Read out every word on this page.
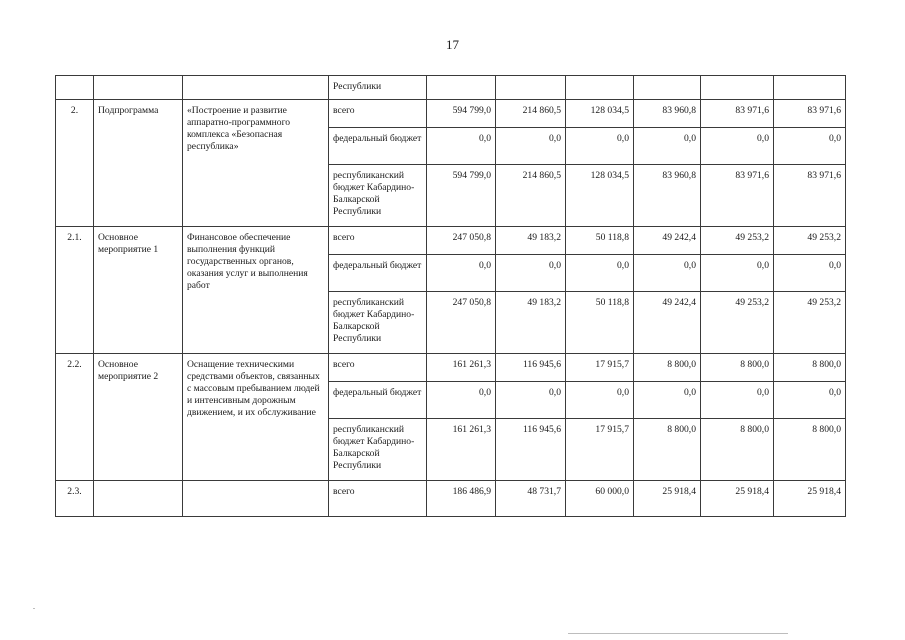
17
			Республики						
2.	Подпрограмма	«Построение и развитие аппаратно-программного комплекса «Безопасная республика»	всего	594 799,0	214 860,5	128 034,5	83 960,8	83 971,6	83 971,6
			федеральный бюджет	0,0	0,0	0,0	0,0	0,0	0,0
			республиканский бюджет Кабардино-Балкарской Республики	594 799,0	214 860,5	128 034,5	83 960,8	83 971,6	83 971,6
2.1.	Основное мероприятие 1	Финансовое обеспечение выполнения функций государственных органов, оказания услуг и выполнения работ	всего	247 050,8	49 183,2	50 118,8	49 242,4	49 253,2	49 253,2
			федеральный бюджет	0,0	0,0	0,0	0,0	0,0	0,0
			республиканский бюджет Кабардино-Балкарской Республики	247 050,8	49 183,2	50 118,8	49 242,4	49 253,2	49 253,2
2.2.	Основное мероприятие 2	Оснащение техническими средствами объектов, связанных с массовым пребыванием людей и интенсивным дорожным движением, и их обслуживание	всего	161 261,3	116 945,6	17 915,7	8 800,0	8 800,0	8 800,0
			федеральный бюджет	0,0	0,0	0,0	0,0	0,0	0,0
			республиканский бюджет Кабардино-Балкарской Республики	161 261,3	116 945,6	17 915,7	8 800,0	8 800,0	8 800,0
2.3.			всего	186 486,9	48 731,7	60 000,0	25 918,4	25 918,4	25 918,4
